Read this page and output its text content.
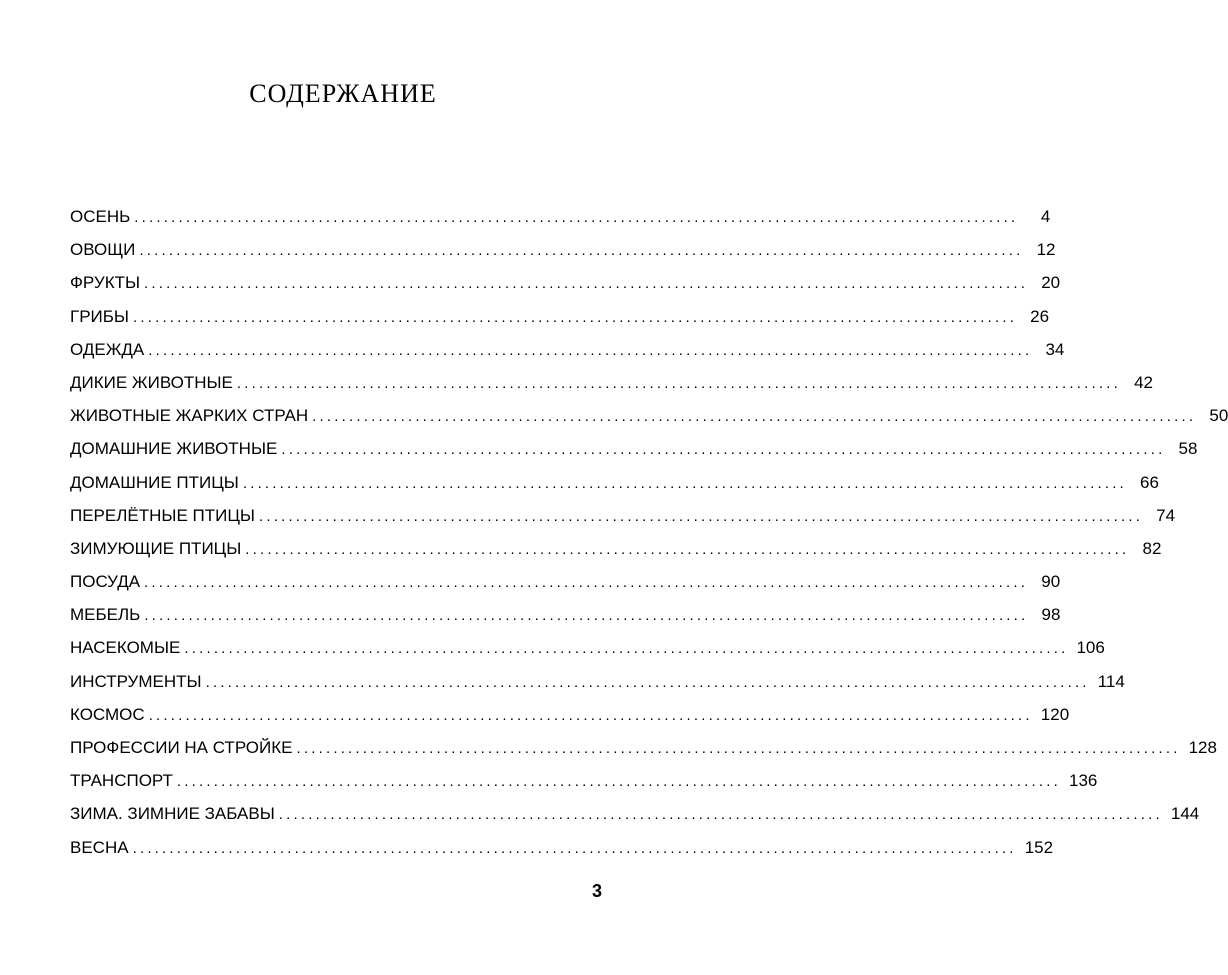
СОДЕРЖАНИЕ
ОСЕНЬ ........................................................................................................................	4
ОВОЩИ ........................................................................................................................ 12
ФРУКТЫ ........................................................................................................................ 20
ГРИБЫ ........................................................................................................................ 26
ОДЕЖДА ........................................................................................................................ 34
ДИКИЕ ЖИВОТНЫЕ ........................................................................................................................ 42
ЖИВОТНЫЕ ЖАРКИХ СТРАН ........................................................................................................................ 50
ДОМАШНИЕ ЖИВОТНЫЕ ........................................................................................................................ 58
ДОМАШНИЕ ПТИЦЫ ........................................................................................................................ 66
ПЕРЕЛЁТНЫЕ ПТИЦЫ ........................................................................................................................ 74
ЗИМУЮЩИЕ ПТИЦЫ ........................................................................................................................ 82
ПОСУДА ........................................................................................................................ 90
МЕБЕЛЬ ........................................................................................................................ 98
НАСЕКОМЫЕ ........................................................................................................................ 106
ИНСТРУМЕНТЫ ........................................................................................................................ 114
КОСМОС ........................................................................................................................ 120
ПРОФЕССИИ НА СТРОЙКЕ ........................................................................................................................ 128
ТРАНСПОРТ ........................................................................................................................ 136
ЗИМА. ЗИМНИЕ ЗАБАВЫ ........................................................................................................................ 144
ВЕСНА ........................................................................................................................ 152
3
